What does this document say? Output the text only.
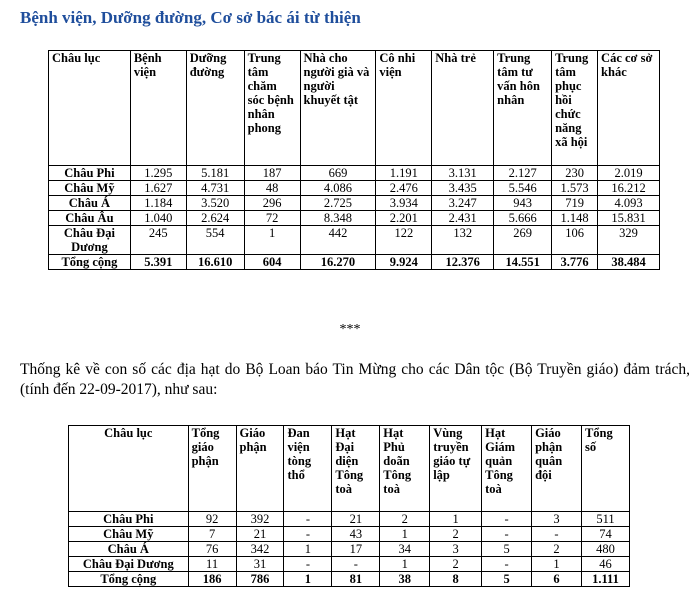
Bệnh viện, Dưỡng đường, Cơ sở bác ái từ thiện
Châu lục	Bệnh viện	Dưỡng đường	Trung tâm chăm sóc bệnh nhân phong	Nhà cho người già và người khuyết tật	Cô nhi viện	Nhà trẻ	Trung tâm tư vấn hôn nhân	Trung tâm phục hồi chức năng xã hội	Các cơ sở khác
Châu Phi	1.295	5.181	187	669	1.191	3.131	2.127	230	2.019
Châu Mỹ	1.627	4.731	48	4.086	2.476	3.435	5.546	1.573	16.212
Châu Á	1.184	3.520	296	2.725	3.934	3.247	943	719	4.093
Châu Âu	1.040	2.624	72	8.348	2.201	2.431	5.666	1.148	15.831
Châu Đại Dương	245	554	1	442	122	132	269	106	329
Tổng cộng	5.391	16.610	604	16.270	9.924	12.376	14.551	3.776	38.484
***
Thống kê về con số các địa hạt do Bộ Loan báo Tin Mừng cho các Dân tộc (Bộ Truyền giáo) đảm trách, (tính đến 22-09-2017), như sau:
Châu lục	Tổng giáo phận	Giáo phận	Đan viện tòng thổ	Hạt Đại diện Tông toà	Hạt Phủ doãn Tông toà	Vùng truyền giáo tự lập	Hạt Giám quản Tông toà	Giáo phận quân đội	Tổng số
Châu Phi	92	392	-	21	2	1	-	3	511
Châu Mỹ	7	21	-	43	1	2	-	-	74
Châu Á	76	342	1	17	34	3	5	2	480
Châu Đại Dương	11	31	-	-	1	2	-	1	46
Tổng cộng	186	786	1	81	38	8	5	6	1.111
